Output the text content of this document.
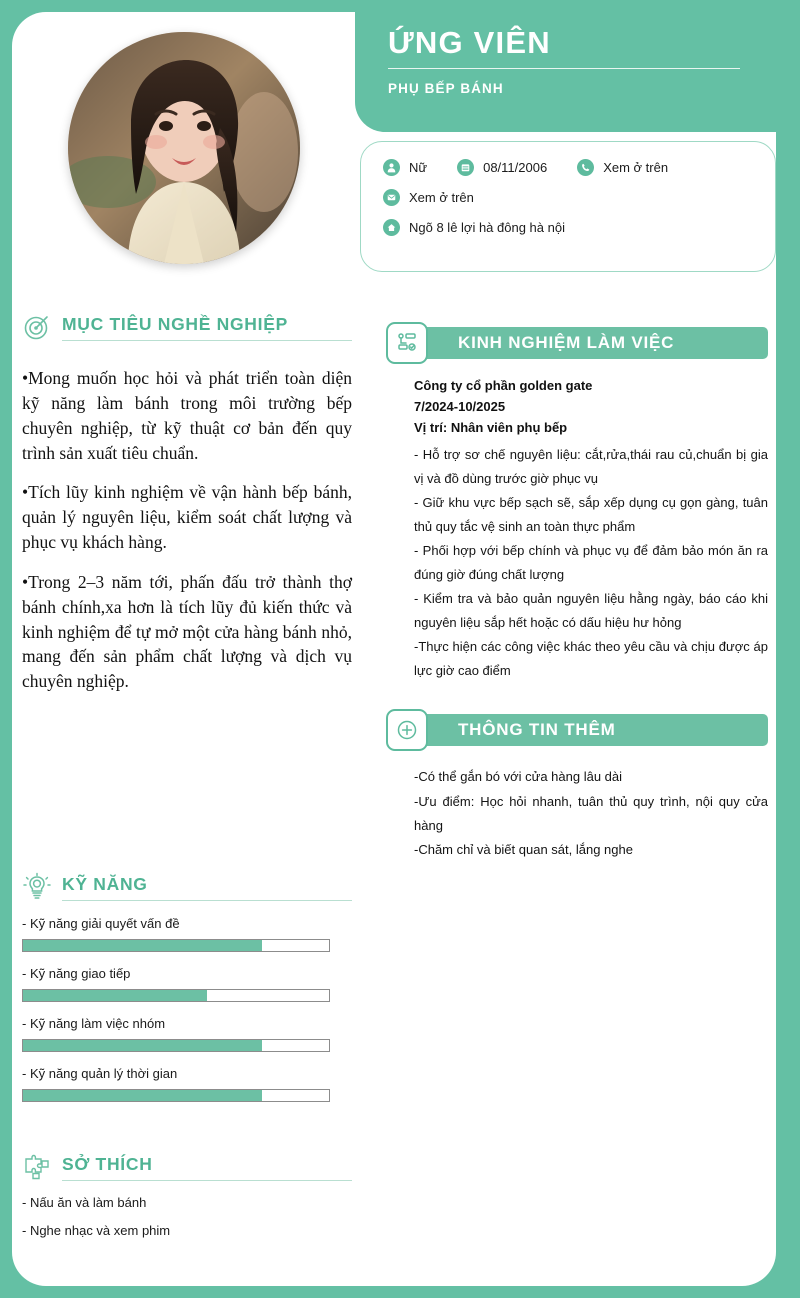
ỨNG VIÊN
PHỤ BẾP BÁNH
Nữ	08/11/2006	Xem ở trên
Xem ở trên
Ngõ 8 lê lợi hà đông hà nội
MỤC TIÊU NGHỀ NGHIỆP

•Mong muốn học hỏi và phát triển toàn diện kỹ năng làm bánh trong môi trường bếp chuyên nghiệp, từ kỹ thuật cơ bản đến quy trình sản xuất tiêu chuẩn.

•Tích lũy kinh nghiệm về vận hành bếp bánh, quản lý nguyên liệu, kiểm soát chất lượng và phục vụ khách hàng.

•Trong 2–3 năm tới, phấn đấu trở thành thợ bánh chính,xa hơn là tích lũy đủ kiến thức và kinh nghiệm để tự mở một cửa hàng bánh nhỏ, mang đến sản phẩm chất lượng và dịch vụ chuyên nghiệp.

KỸ NĂNG
- Kỹ năng giải quyết vấn đề
- Kỹ năng giao tiếp
- Kỹ năng làm việc nhóm
- Kỹ năng quản lý thời gian
SỞ THÍCH
- Nấu ăn và làm bánh
- Nghe nhạc và xem phim
KINH NGHIỆM LÀM VIỆC
Công ty cổ phần golden gate
7/2024-10/2025
Vị trí: Nhân viên phụ bếp
- Hỗ trợ sơ chế nguyên liệu: cắt,rửa,thái rau củ,chuẩn bị gia vị và đồ dùng trước giờ phục vụ
- Giữ khu vực bếp sạch sẽ, sắp xếp dụng cụ gọn gàng, tuân thủ quy tắc vệ sinh an toàn thực phẩm
- Phối hợp với bếp chính và phục vụ để đảm bảo món ăn ra đúng giờ đúng chất lượng
- Kiểm tra và bảo quản nguyên liệu hằng ngày, báo cáo khi nguyên liệu sắp hết hoặc có dấu hiệu hư hỏng
-Thực hiện các công việc khác theo yêu cầu và chịu được áp lực giờ cao điểm
THÔNG TIN THÊM
-Có thể gắn bó với cửa hàng lâu dài
-Ưu điểm: Học hỏi nhanh, tuân thủ quy trình, nội quy cửa hàng
-Chăm chỉ và biết quan sát, lắng nghe
